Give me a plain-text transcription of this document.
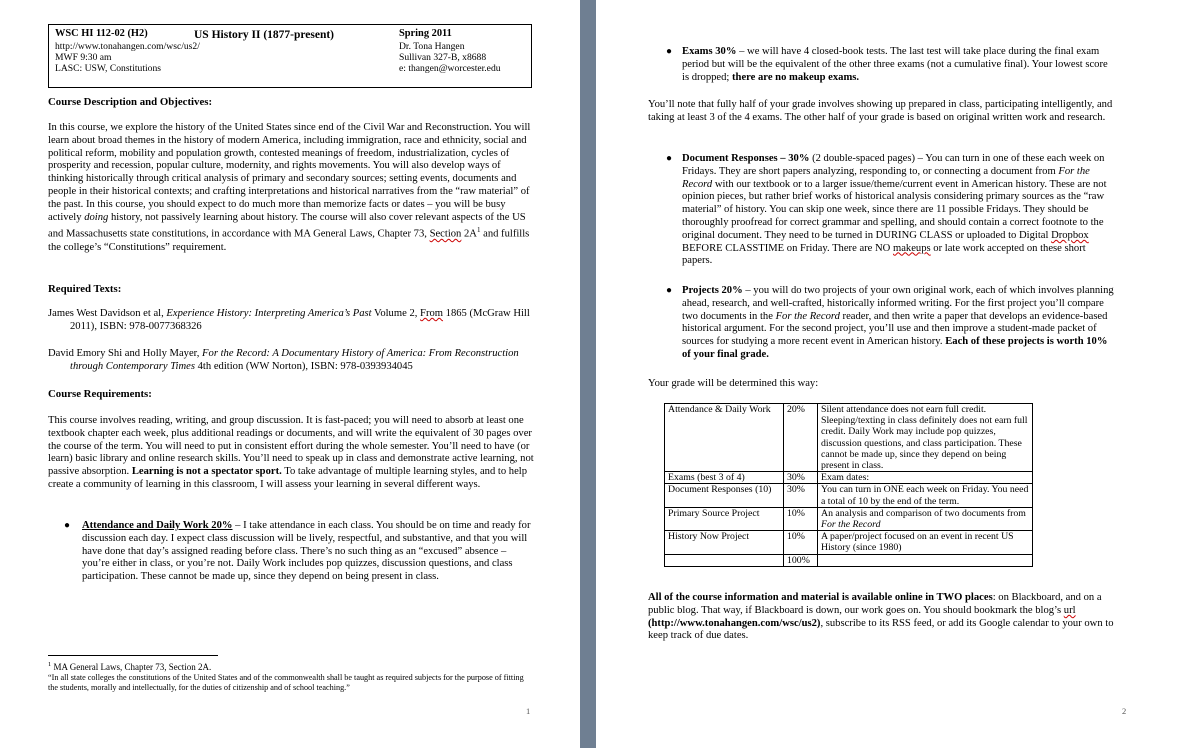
WSC HI 112-02 (H2)	US History II (1877-present)
http://www.tonahangen.com/wsc/us2/
MWF 9:30 am
LASC: USW, Constitutions
Spring 2011
Dr. Tona Hangen
Sullivan 327-B, x8688
e: thangen@worcester.edu
Course Description and Objectives:

In this course, we explore the history of the United States since end of the Civil War and Reconstruction. You will learn about broad themes in the history of modern America, including immigration, race and ethnicity, social and political reform, mobility and population growth, contested meanings of freedom, industrialization, cycles of prosperity and recession, popular culture, modernity, and rights movements. You will also develop ways of thinking historically through critical analysis of primary and secondary sources; setting events, documents and people in their historical contexts; and crafting interpretations and historical narratives from the “raw material” of the past. In this course, you should expect to do much more than memorize facts or dates – you will be busy actively doing history, not passively learning about history. The course will also cover relevant aspects of the US and Massachusetts state constitutions, in accordance with MA General Laws, Chapter 73, Section $2A^1$ and fulfills the college’s “Constitutions” requirement.

Required Texts:

James West Davidson et al, Experience History: Interpreting America’s Past Volume 2, From 1865 (McGraw Hill 2011), ISBN: 978-0077368326

David Emory Shi and Holly Mayer, For the Record: A Documentary History of America: From Reconstruction through Contemporary Times 4th edition (WW Norton), ISBN: 978-0393934045

Course Requirements:

This course involves reading, writing, and group discussion. It is fast-paced; you will need to absorb at least one textbook chapter each week, plus additional readings or documents, and will write the equivalent of 30 pages over the course of the term. You will need to put in consistent effort during the whole semester. You’ll need to have (or learn) basic library and online research skills. You’ll need to speak up in class and demonstrate active learning, not passive absorption. Learning is not a spectator sport. To take advantage of multiple learning styles, and to help create a community of learning in this classroom, I will assess your learning in several different ways.

● Attendance and Daily Work 20% – I take attendance in each class. You should be on time and ready for discussion each day. I expect class discussion will be lively, respectful, and substantive, and that you will have done that day’s assigned reading before class. There’s no such thing as an “excused” absence – you’re either in class, or you’re not. Daily Work includes pop quizzes, discussion questions, and class participation. These cannot be made up, since they depend on being present in class.

$^1$ MA General Laws, Chapter 73, Section 2A.

“In all state colleges the constitutions of the United States and of the commonwealth shall be taught as required subjects for the purpose of fitting the students, morally and intellectually, for the duties of citizenship and of school teaching.”

1
● Exams 30% – we will have 4 closed-book tests. The last test will take place during the final exam period but will be the equivalent of the other three exams (not a cumulative final). Your lowest score is dropped; there are no makeup exams.

You’ll note that fully half of your grade involves showing up prepared in class, participating intelligently, and taking at least 3 of the 4 exams. The other half of your grade is based on original written work and research.

● Document Responses – 30% (2 double-spaced pages) – You can turn in one of these each week on Fridays. They are short papers analyzing, responding to, or connecting a document from For the Record with our textbook or to a larger issue/theme/current event in American history. These are not opinion pieces, but rather brief works of historical analysis considering primary sources as the “raw material” of history. You can skip one week, since there are 11 possible Fridays. They should be thoroughly proofread for correct grammar and spelling, and should contain a correct footnote to the original document. They need to be turned in DURING CLASS or uploaded to Digital Dropbox BEFORE CLASSTIME on Friday. There are NO makeups or late work accepted on these short papers.

● Projects 20% – you will do two projects of your own original work, each of which involves planning ahead, research, and well-crafted, historically informed writing. For the first project you’ll compare two documents in the For the Record reader, and then write a paper that develops an evidence-based historical argument. For the second project, you’ll use and then improve a student-made packet of sources for studying a more recent event in American history. Each of these projects is worth 10% of your final grade.

Your grade will be determined this way:

2
Attendance & Daily Work	20%	Silent attendance does not earn full credit. Sleeping/texting in class definitely does not earn full credit. Daily Work may include pop quizzes, discussion questions, and class participation. These cannot be made up, since they depend on being present in class.
Exams (best 3 of 4)	30%	Exam dates:
Document Responses (10)	30%	You can turn in ONE each week on Friday. You need a total of 10 by the end of the term.
Primary Source Project	10%	An analysis and comparison of two documents from For the Record
History Now Project	10%	A paper/project focused on an event in recent US History (since 1980)
	100%	

All of the course information and material is available online in TWO places: on Blackboard, and on a public blog. That way, if Blackboard is down, our work goes on. You should bookmark the blog’s url (http://www.tonahangen.com/wsc/us2), subscribe to its RSS feed, or add its Google calendar to your own to keep track of due dates.
